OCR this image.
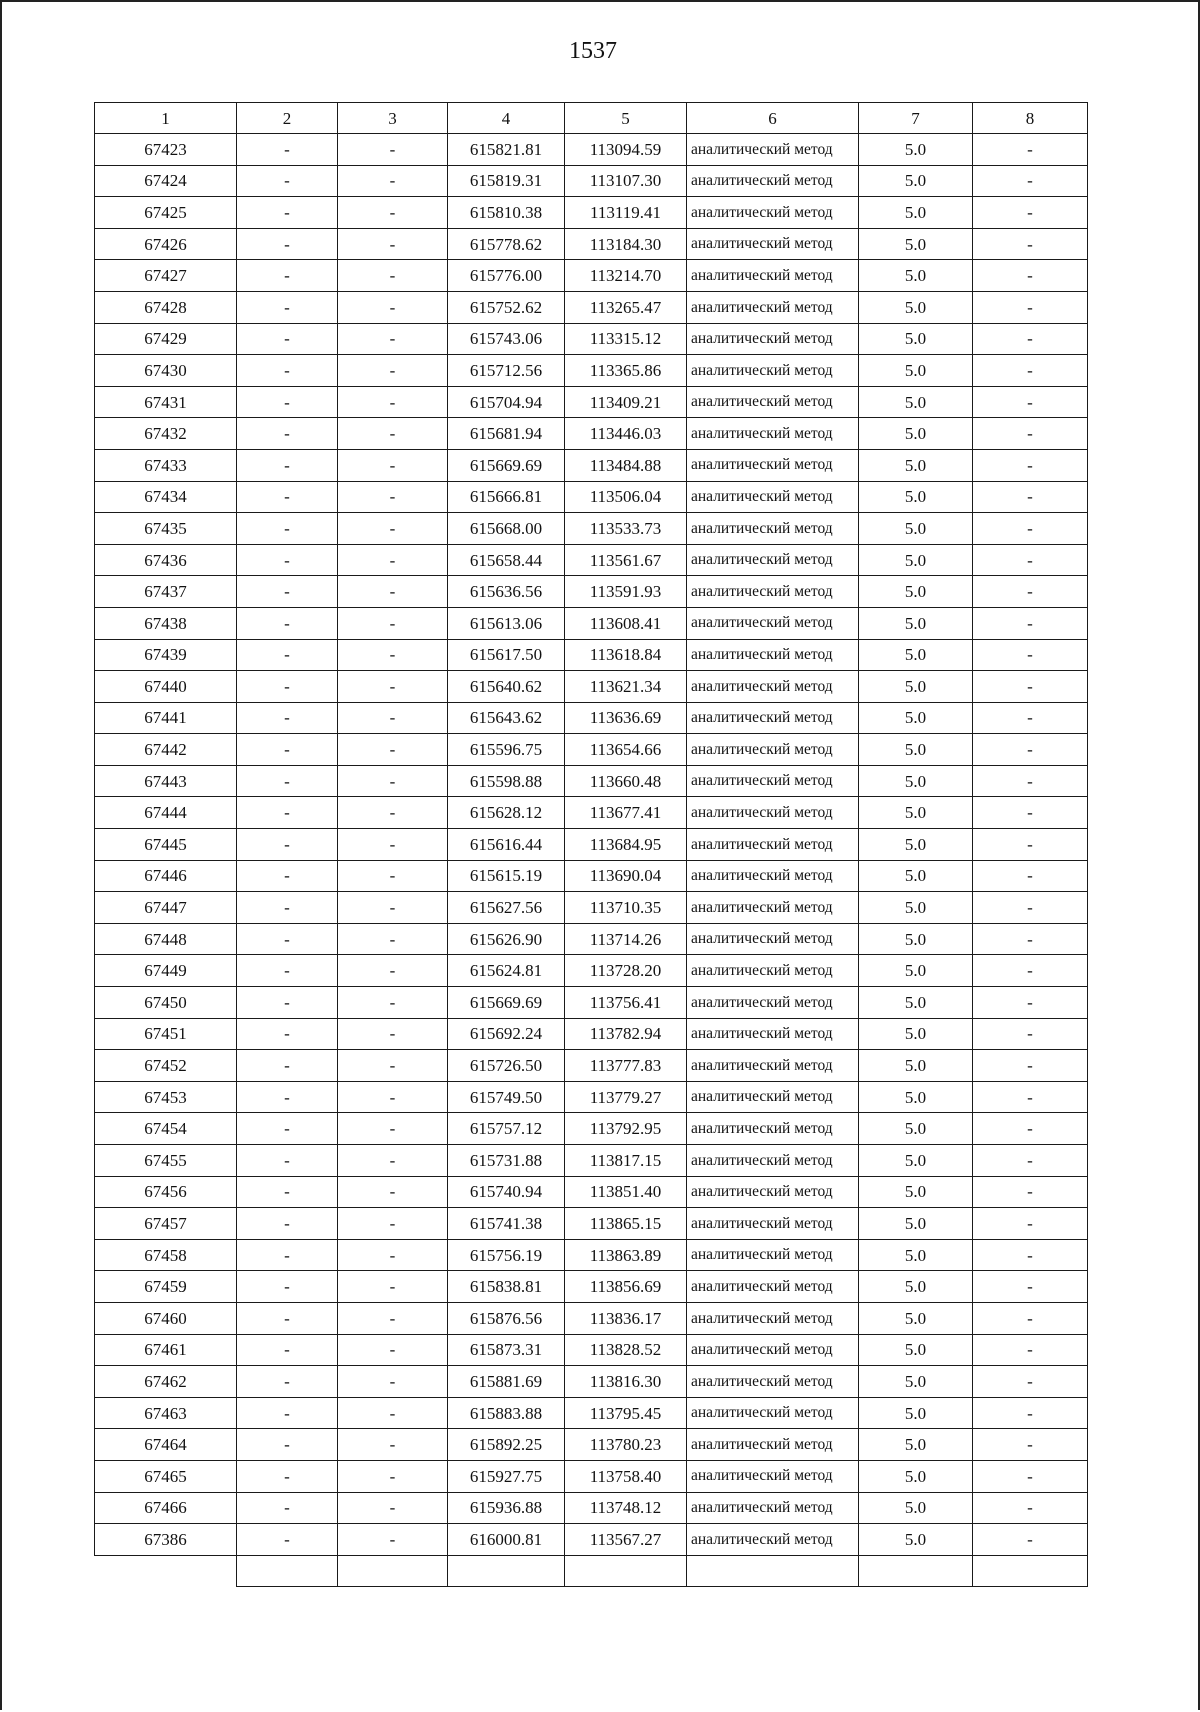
1537
1	2	3	4	5	6	7	8
67423	-	-	615821.81	113094.59	аналитический метод	5.0	-
67424	-	-	615819.31	113107.30	аналитический метод	5.0	-
67425	-	-	615810.38	113119.41	аналитический метод	5.0	-
67426	-	-	615778.62	113184.30	аналитический метод	5.0	-
67427	-	-	615776.00	113214.70	аналитический метод	5.0	-
67428	-	-	615752.62	113265.47	аналитический метод	5.0	-
67429	-	-	615743.06	113315.12	аналитический метод	5.0	-
67430	-	-	615712.56	113365.86	аналитический метод	5.0	-
67431	-	-	615704.94	113409.21	аналитический метод	5.0	-
67432	-	-	615681.94	113446.03	аналитический метод	5.0	-
67433	-	-	615669.69	113484.88	аналитический метод	5.0	-
67434	-	-	615666.81	113506.04	аналитический метод	5.0	-
67435	-	-	615668.00	113533.73	аналитический метод	5.0	-
67436	-	-	615658.44	113561.67	аналитический метод	5.0	-
67437	-	-	615636.56	113591.93	аналитический метод	5.0	-
67438	-	-	615613.06	113608.41	аналитический метод	5.0	-
67439	-	-	615617.50	113618.84	аналитический метод	5.0	-
67440	-	-	615640.62	113621.34	аналитический метод	5.0	-
67441	-	-	615643.62	113636.69	аналитический метод	5.0	-
67442	-	-	615596.75	113654.66	аналитический метод	5.0	-
67443	-	-	615598.88	113660.48	аналитический метод	5.0	-
67444	-	-	615628.12	113677.41	аналитический метод	5.0	-
67445	-	-	615616.44	113684.95	аналитический метод	5.0	-
67446	-	-	615615.19	113690.04	аналитический метод	5.0	-
67447	-	-	615627.56	113710.35	аналитический метод	5.0	-
67448	-	-	615626.90	113714.26	аналитический метод	5.0	-
67449	-	-	615624.81	113728.20	аналитический метод	5.0	-
67450	-	-	615669.69	113756.41	аналитический метод	5.0	-
67451	-	-	615692.24	113782.94	аналитический метод	5.0	-
67452	-	-	615726.50	113777.83	аналитический метод	5.0	-
67453	-	-	615749.50	113779.27	аналитический метод	5.0	-
67454	-	-	615757.12	113792.95	аналитический метод	5.0	-
67455	-	-	615731.88	113817.15	аналитический метод	5.0	-
67456	-	-	615740.94	113851.40	аналитический метод	5.0	-
67457	-	-	615741.38	113865.15	аналитический метод	5.0	-
67458	-	-	615756.19	113863.89	аналитический метод	5.0	-
67459	-	-	615838.81	113856.69	аналитический метод	5.0	-
67460	-	-	615876.56	113836.17	аналитический метод	5.0	-
67461	-	-	615873.31	113828.52	аналитический метод	5.0	-
67462	-	-	615881.69	113816.30	аналитический метод	5.0	-
67463	-	-	615883.88	113795.45	аналитический метод	5.0	-
67464	-	-	615892.25	113780.23	аналитический метод	5.0	-
67465	-	-	615927.75	113758.40	аналитический метод	5.0	-
67466	-	-	615936.88	113748.12	аналитический метод	5.0	-
67386	-	-	616000.81	113567.27	аналитический метод	5.0	-
